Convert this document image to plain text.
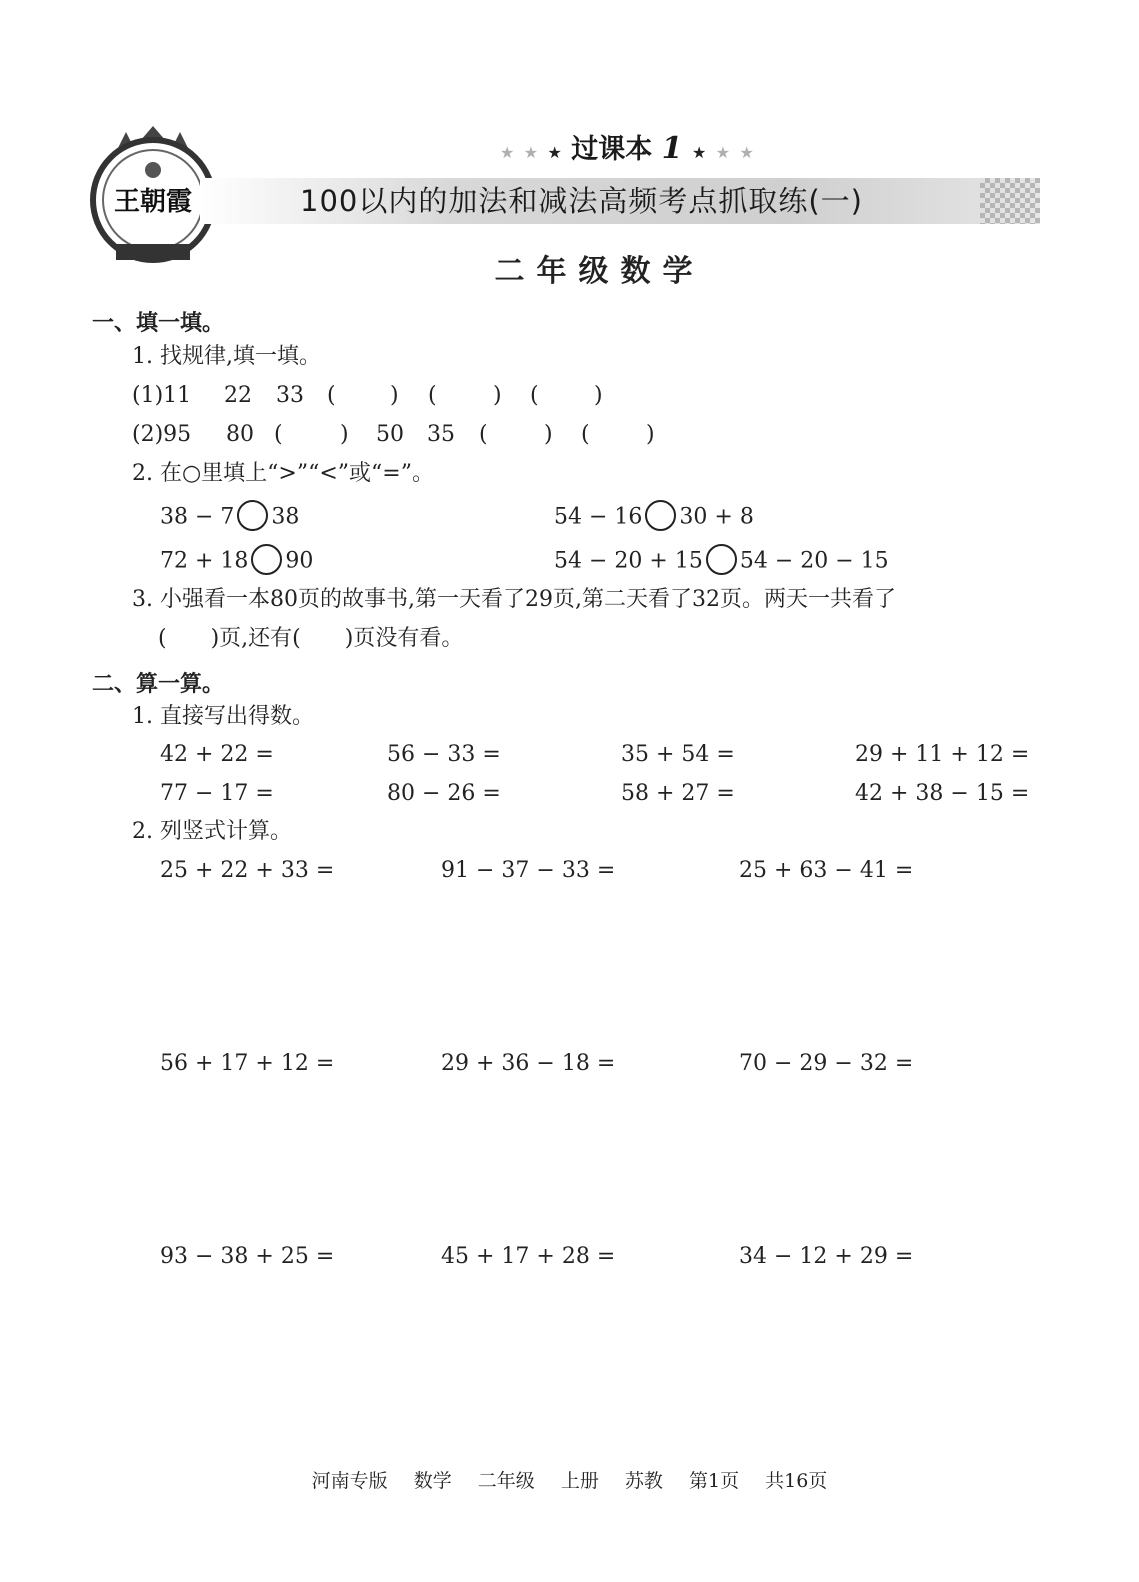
王朝霞
★ ★ ★ 过课本 1 ★ ★ ★
100以内的加法和减法高频考点抓取练(一)
二年级数学
一、填一填。
1. 找规律,填一填。
(1)11 22 33 ( ) (	) (	)
(2)95 80 (	) 50 35 (	) (	)
2. 在○里填上“>”“<”或“=”。
38 − 7 38	54 − 16 30 + 8
72 + 18 90	54 − 20 + 15 54 − 20 − 15
3. 小强看一本80页的故事书,第一天看了29页,第二天看了32页。两天一共看了
(　　)页,还有(　　)页没有看。
二、算一算。
1. 直接写出得数。
42 + 22 =	56 − 33 =	35 + 54 =	29 + 11 + 12 =
77 − 17 =	80 − 26 =	58 + 27 =	42 + 38 − 15 =
2. 列竖式计算。
25 + 22 + 33 =	91 − 37 − 33 =	25 + 63 − 41 =
56 + 17 + 12 =	29 + 36 − 18 =	70 − 29 − 32 =
93 − 38 + 25 =	45 + 17 + 28 =	34 − 12 + 29 =
河南专版 数学 二年级 上册 苏教 第1页 共16页
